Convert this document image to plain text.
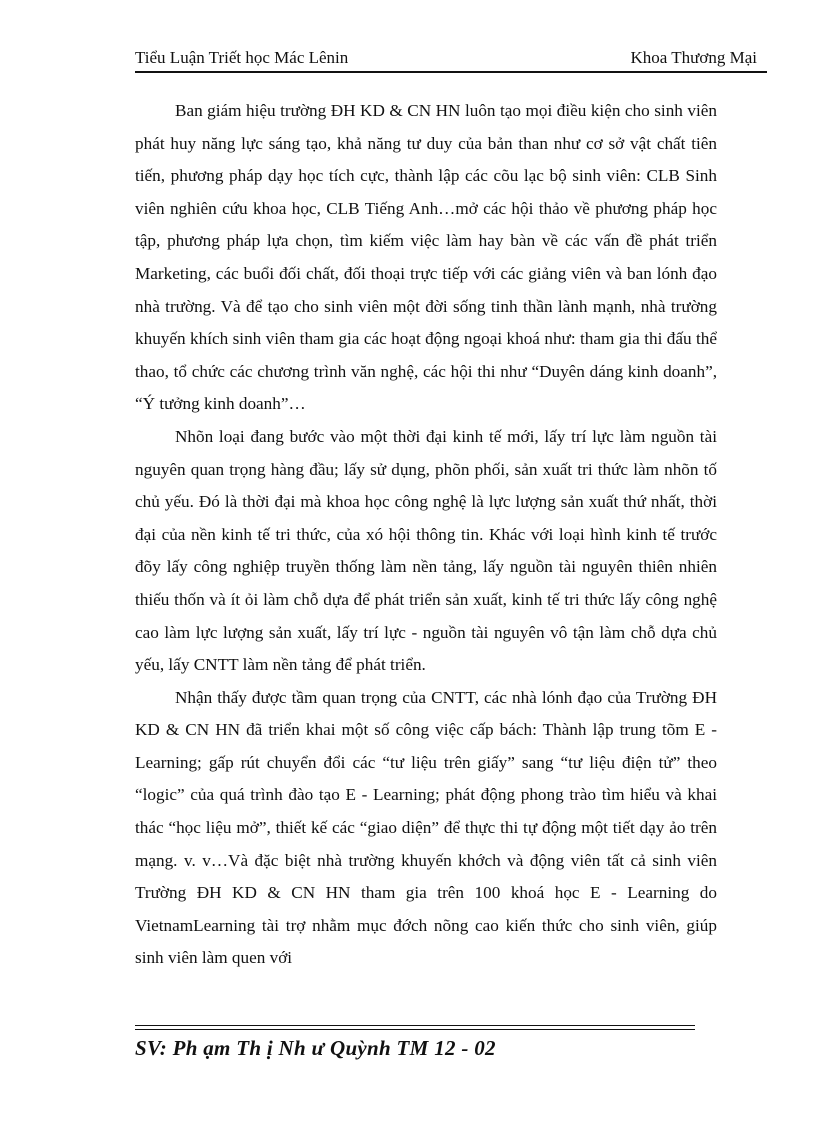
Tiểu Luận Triết học Mác Lênin	Khoa Thương Mại

Ban giám hiệu trường ĐH KD & CN HN luôn tạo mọi điều kiện cho sinh viên phát huy năng lực sáng tạo, khả năng tư duy của bản than như cơ sở vật chất tiên tiến, phương pháp dạy học tích cực, thành lập các cõu lạc bộ sinh viên: CLB Sinh viên nghiên cứu khoa học, CLB Tiếng Anh…mở các hội thảo về phương pháp học tập, phương pháp lựa chọn, tìm kiếm việc làm hay bàn về các vấn đề phát triển Marketing, các buổi đối chất, đối thoại trực tiếp với các giảng viên và ban lónh đạo nhà trường. Và để tạo cho sinh viên một đời sống tinh thần lành mạnh, nhà trường khuyến khích sinh viên tham gia các hoạt động ngoại khoá như: tham gia thi đấu thể thao, tổ chức các chương trình văn nghệ, các hội thi như “Duyên dáng kinh doanh”, “Ý tưởng kinh doanh”…

Nhõn loại đang bước vào một thời đại kinh tế mới, lấy trí lực làm nguồn tài nguyên quan trọng hàng đầu; lấy sử dụng, phõn phối, sản xuất tri thức làm nhõn tố chủ yếu. Đó là thời đại mà khoa học công nghệ là lực lượng sản xuất thứ nhất, thời đại của nền kinh tế tri thức, của xó hội thông tin. Khác với loại hình kinh tế trước đõy lấy công nghiệp truyền thống làm nền tảng, lấy nguồn tài nguyên thiên nhiên thiếu thốn và ít ỏi làm chỗ dựa để phát triển sản xuất, kinh tế tri thức lấy công nghệ cao làm lực lượng sản xuất, lấy trí lực - nguồn tài nguyên vô tận làm chỗ dựa chủ yếu, lấy CNTT làm nền tảng để phát triển.

Nhận thấy được tầm quan trọng của CNTT, các nhà lónh đạo của Trường ĐH KD & CN HN đã triển khai một số công việc cấp bách: Thành lập trung tõm E - Learning; gấp rút chuyển đổi các “tư liệu trên giấy” sang “tư liệu điện tử” theo “logic” của quá trình đào tạo E - Learning; phát động phong trào tìm hiểu và khai thác “học liệu mở”, thiết kế các “giao diện” để thực thi tự động một tiết dạy ảo trên mạng. v. v…Và đặc biệt nhà trường khuyến khớch và động viên tất cả sinh viên Trường ĐH KD & CN HN tham gia trên 100 khoá học E - Learning do VietnamLearning tài trợ nhằm mục đớch nõng cao kiến thức cho sinh viên, giúp sinh viên làm quen với

SV: Ph ạm Th ị Nh ư Quỳnh TM 12 - 02
